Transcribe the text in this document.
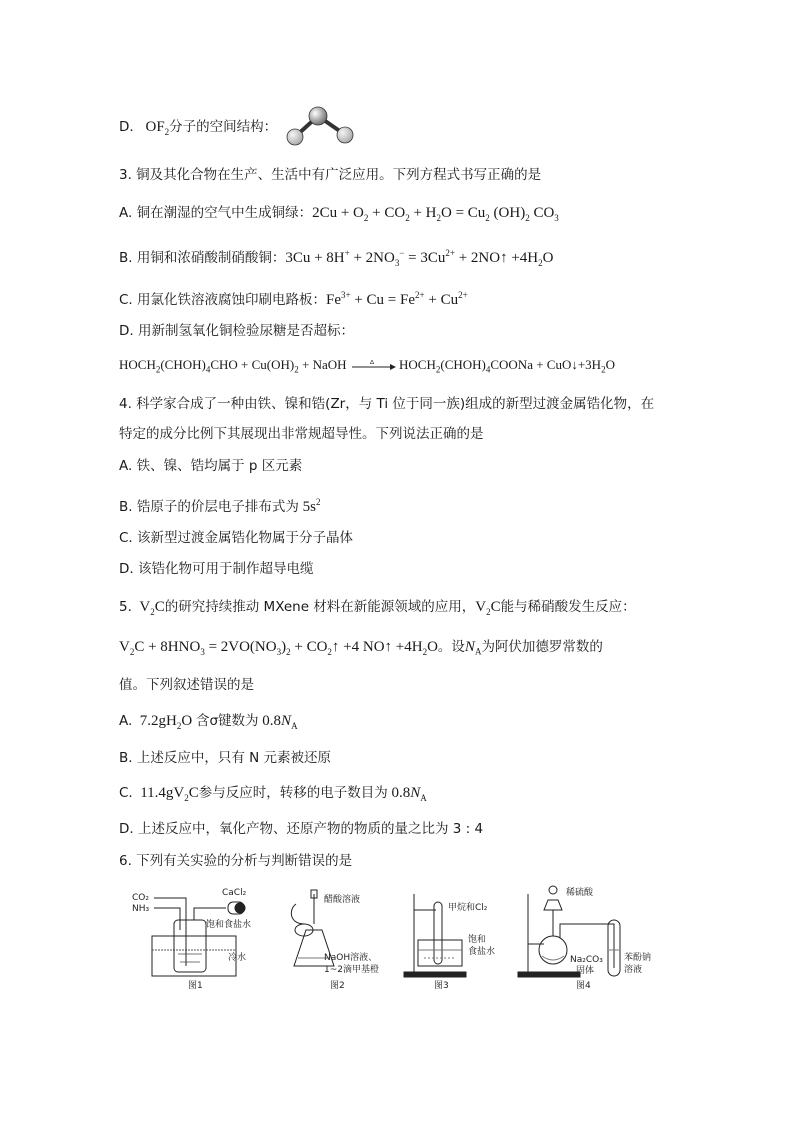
D.   $OF_2$分子的空间结构：
3. 铜及其化合物在生产、生活中有广泛应用。下列方程式书写正确的是
A. 铜在潮湿的空气中生成铜绿：$2Cu + O_2 + CO_2 + H_2O = Cu_2$ $(OH)_2$ $CO_3$
B. 用铜和浓硝酸制硝酸铜：$3Cu + 8H^+ + 2NO_3^- = 3Cu^{2+}$ + 2NO↑ $+4H_2O$
C. 用氯化铁溶液腐蚀印刷电路板：$Fe^{3+} + Cu = Fe^{2+} + Cu^{2+}$
D. 用新制氢氧化铜检验尿糖是否超标：
$HOCH_2(CHOH)_4CHO + Cu(OH)_2$ + NaOH	Δ $HOCH_2(CHOH)_4COONa$ + $CuO↓+3H_2O$
4. 科学家合成了一种由铁、镍和锆(Zr，与 Ti 位于同一族)组成的新型过渡金属锆化物，在
特定的成分比例下其展现出非常规超导性。下列说法正确的是
A. 铁、镍、锆均属于 p 区元素
B. 锆原子的价层电子排布式为 $5s^2$
C. 该新型过渡金属锆化物属于分子晶体
D. 该锆化物可用于制作超导电缆
5.  $V_2C$的研究持续推动 MXene 材料在新能源领域的应用，$V_2C$能与稀硝酸发生反应：
$V_2C + 8HNO_3 = 2VO(NO_3)_2$ + $CO_2↑ +4$ NO↑ $+4H_2O$。设$N_A$为阿伏加德罗常数的
值。下列叙述错误的是
A.  $7.2gH_2O$ 含σ键数为 $0.8N_A$
B. 上述反应中，只有 N 元素被还原
C.  $11.4gV_2C$参与反应时，转移的电子数目为 $0.8N_A$
D. 上述反应中，氧化产物、还原产物的物质的量之比为 3 : 4
6. 下列有关实验的分析与判断错误的是
CO₂
NH₃
CaCl₂
饱和食盐水
冷水
图1
醋酸溶液
NaOH溶液、
1~2滴甲基橙
图2
甲烷和Cl₂
饱和
食盐水
图3
稀硫酸
Na₂CO₃
固体
苯酚钠
溶液
图4
